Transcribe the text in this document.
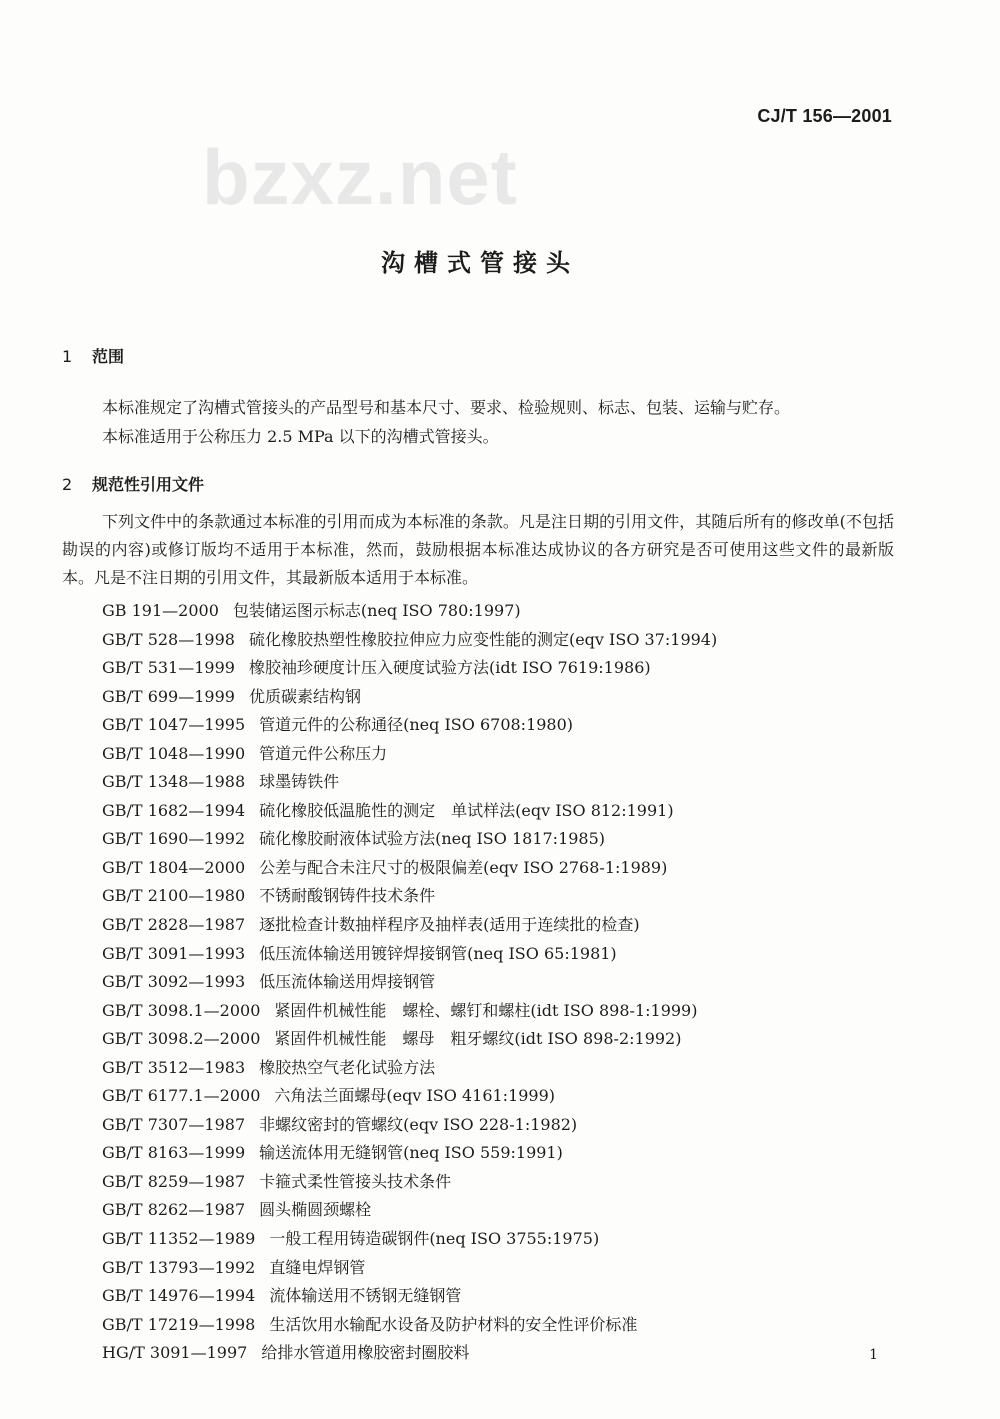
CJ/T 156—2001
bzxz.net
沟槽式管接头
1 范围
本标准规定了沟槽式管接头的产品型号和基本尺寸、要求、检验规则、标志、包装、运输与贮存。
本标准适用于公称压力 2.5 MPa 以下的沟槽式管接头。
2 规范性引用文件
下列文件中的条款通过本标准的引用而成为本标准的条款。凡是注日期的引用文件，其随后所有的修改单(不包括勘误的内容)或修订版均不适用于本标准，然而，鼓励根据本标准达成协议的各方研究是否可使用这些文件的最新版本。凡是不注日期的引用文件，其最新版本适用于本标准。
GB 191—2000 包装储运图示标志(neq ISO 780:1997)
GB/T 528—1998 硫化橡胶热塑性橡胶拉伸应力应变性能的测定(eqv ISO 37:1994)
GB/T 531—1999 橡胶袖珍硬度计压入硬度试验方法(idt ISO 7619:1986)
GB/T 699—1999 优质碳素结构钢
GB/T 1047—1995 管道元件的公称通径(neq ISO 6708:1980)
GB/T 1048—1990 管道元件公称压力
GB/T 1348—1988 球墨铸铁件
GB/T 1682—1994 硫化橡胶低温脆性的测定　单试样法(eqv ISO 812:1991)
GB/T 1690—1992 硫化橡胶耐液体试验方法(neq ISO 1817:1985)
GB/T 1804—2000 公差与配合未注尺寸的极限偏差(eqv ISO 2768-1:1989)
GB/T 2100—1980 不锈耐酸钢铸件技术条件
GB/T 2828—1987 逐批检查计数抽样程序及抽样表(适用于连续批的检查)
GB/T 3091—1993 低压流体输送用镀锌焊接钢管(neq ISO 65:1981)
GB/T 3092—1993 低压流体输送用焊接钢管
GB/T 3098.1—2000 紧固件机械性能　螺栓、螺钉和螺柱(idt ISO 898-1:1999)
GB/T 3098.2—2000 紧固件机械性能　螺母　粗牙螺纹(idt ISO 898-2:1992)
GB/T 3512—1983 橡胶热空气老化试验方法
GB/T 6177.1—2000 六角法兰面螺母(eqv ISO 4161:1999)
GB/T 7307—1987 非螺纹密封的管螺纹(eqv ISO 228-1:1982)
GB/T 8163—1999 输送流体用无缝钢管(neq ISO 559:1991)
GB/T 8259—1987 卡箍式柔性管接头技术条件
GB/T 8262—1987 圆头椭圆颈螺栓
GB/T 11352—1989 一般工程用铸造碳钢件(neq ISO 3755:1975)
GB/T 13793—1992 直缝电焊钢管
GB/T 14976—1994 流体输送用不锈钢无缝钢管
GB/T 17219—1998 生活饮用水输配水设备及防护材料的安全性评价标准
HG/T 3091—1997 给排水管道用橡胶密封圈胶料	1
